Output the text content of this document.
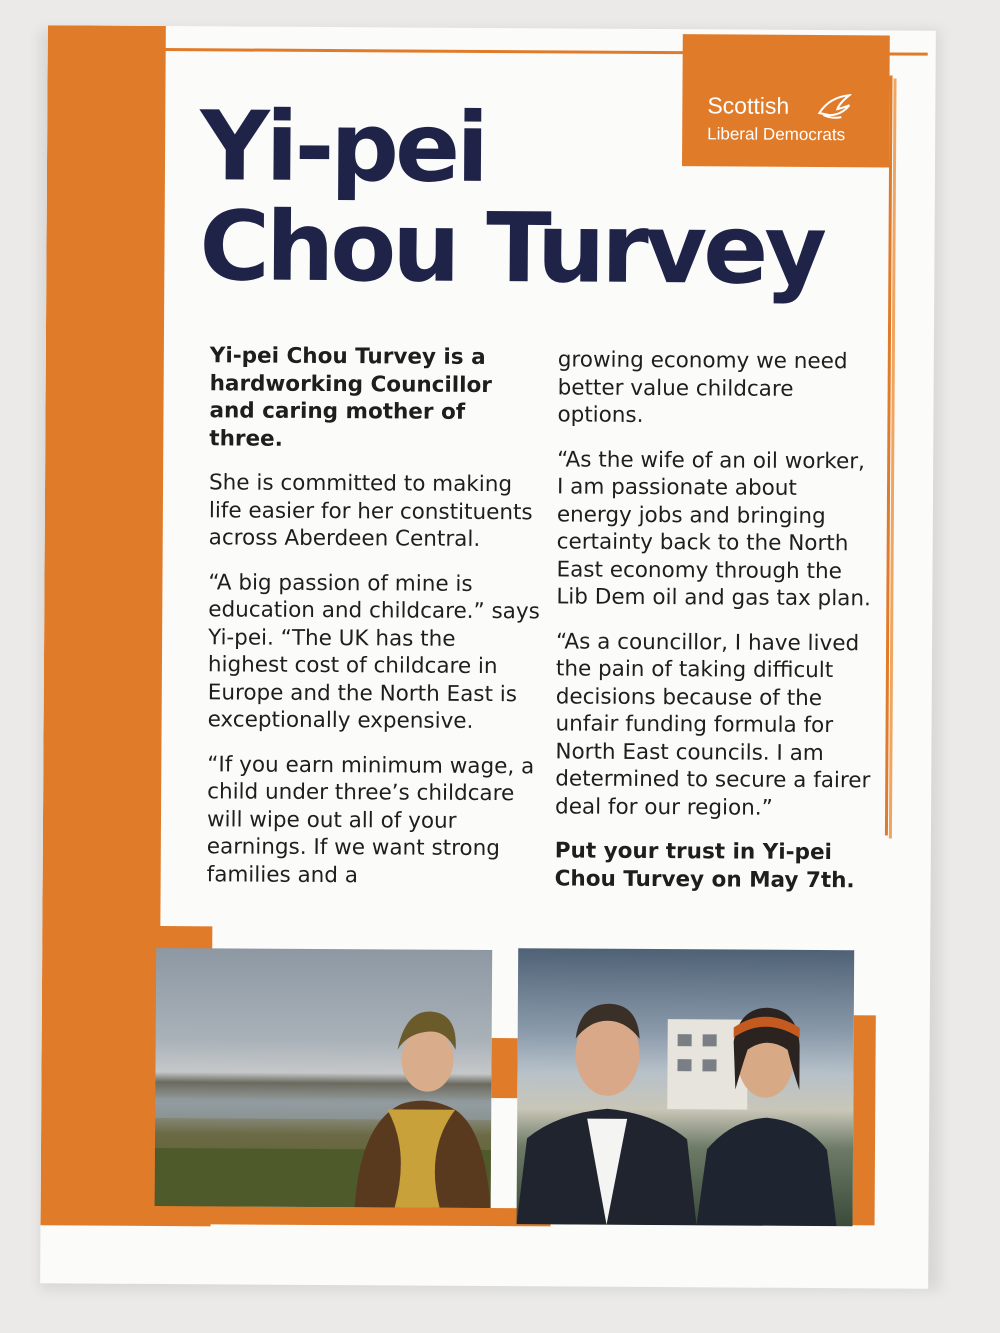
Scottish
Liberal Democrats
Yi-pei
Chou Turvey

Yi-pei Chou Turvey is a hardworking Councillor and caring mother of three.

She is committed to making life easier for her constituents across Aberdeen Central.

“A big passion of mine is education and childcare.” says Yi-pei. “The UK has the highest cost of childcare in Europe and the North East is exceptionally expensive.

“If you earn minimum wage, a child under three’s childcare will wipe out all of your earnings. If we want strong families and a

growing economy we need better value childcare options.

“As the wife of an oil worker, I am passionate about energy jobs and bringing certainty back to the North East economy through the Lib Dem oil and gas tax plan.

“As a councillor, I have lived the pain of taking difficult decisions because of the unfair funding formula for North East councils. I am determined to secure a fairer deal for our region.”

Put your trust in Yi-pei Chou Turvey on May 7th.
